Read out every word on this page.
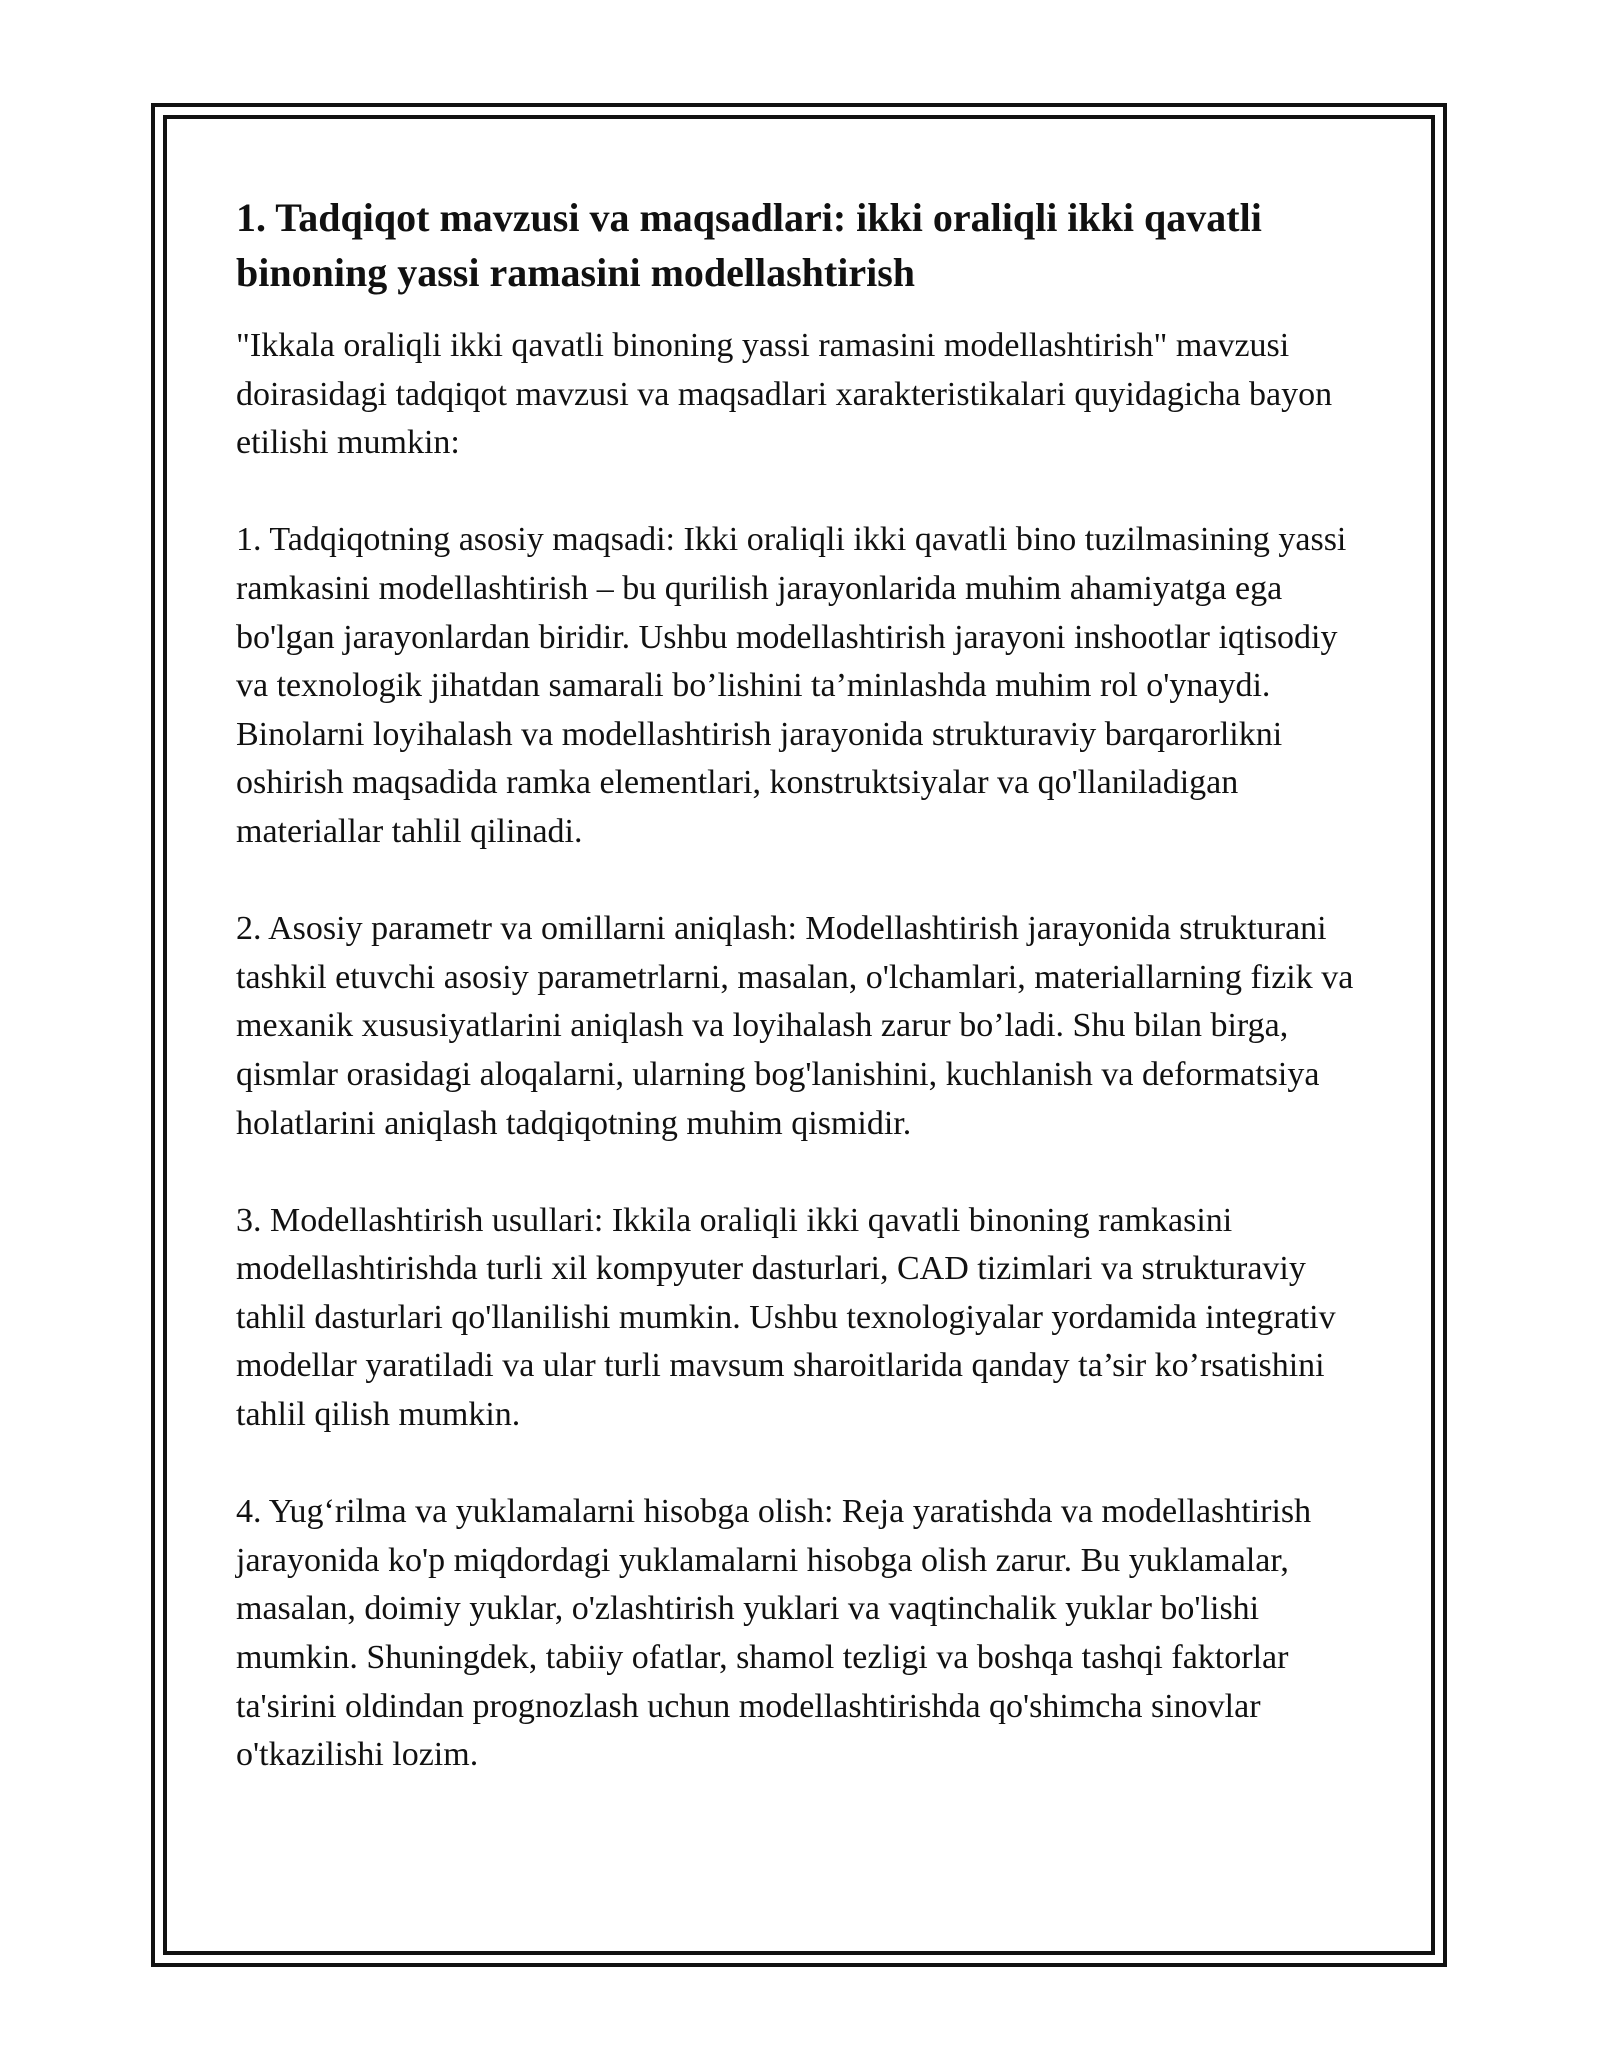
1. Tadqiqot mavzusi va maqsadlari: ikki oraliqli ikki qavatli binoning yassi ramasini modellashtirish

"Ikkala oraliqli ikki qavatli binoning yassi ramasini modellashtirish" mavzusi doirasidagi tadqiqot mavzusi va maqsadlari xarakteristikalari quyidagicha bayon etilishi mumkin:

1. Tadqiqotning asosiy maqsadi: Ikki oraliqli ikki qavatli bino tuzilmasining yassi ramkasini modellashtirish – bu qurilish jarayonlarida muhim ahamiyatga ega bo'lgan jarayonlardan biridir. Ushbu modellashtirish jarayoni inshootlar iqtisodiy va texnologik jihatdan samarali bo’lishini ta’minlashda muhim rol o'ynaydi. Binolarni loyihalash va modellashtirish jarayonida strukturaviy barqarorlikni oshirish maqsadida ramka elementlari, konstruktsiyalar va qo'llaniladigan materiallar tahlil qilinadi.

2. Asosiy parametr va omillarni aniqlash: Modellashtirish jarayonida strukturani tashkil etuvchi asosiy parametrlarni, masalan, o'lchamlari, materiallarning fizik va mexanik xususiyatlarini aniqlash va loyihalash zarur bo’ladi. Shu bilan birga, qismlar orasidagi aloqalarni, ularning bog'lanishini, kuchlanish va deformatsiya holatlarini aniqlash tadqiqotning muhim qismidir.

3. Modellashtirish usullari: Ikkila oraliqli ikki qavatli binoning ramkasini modellashtirishda turli xil kompyuter dasturlari, CAD tizimlari va strukturaviy tahlil dasturlari qo'llanilishi mumkin. Ushbu texnologiyalar yordamida integrativ modellar yaratiladi va ular turli mavsum sharoitlarida qanday ta’sir ko’rsatishini tahlil qilish mumkin.

4. Yug‘rilma va yuklamalarni hisobga olish: Reja yaratishda va modellashtirish jarayonida ko'p miqdordagi yuklamalarni hisobga olish zarur. Bu yuklamalar, masalan, doimiy yuklar, o'zlashtirish yuklari va vaqtinchalik yuklar bo'lishi mumkin. Shuningdek, tabiiy ofatlar, shamol tezligi va boshqa tashqi faktorlar ta'sirini oldindan prognozlash uchun modellashtirishda qo'shimcha sinovlar o'tkazilishi lozim.
